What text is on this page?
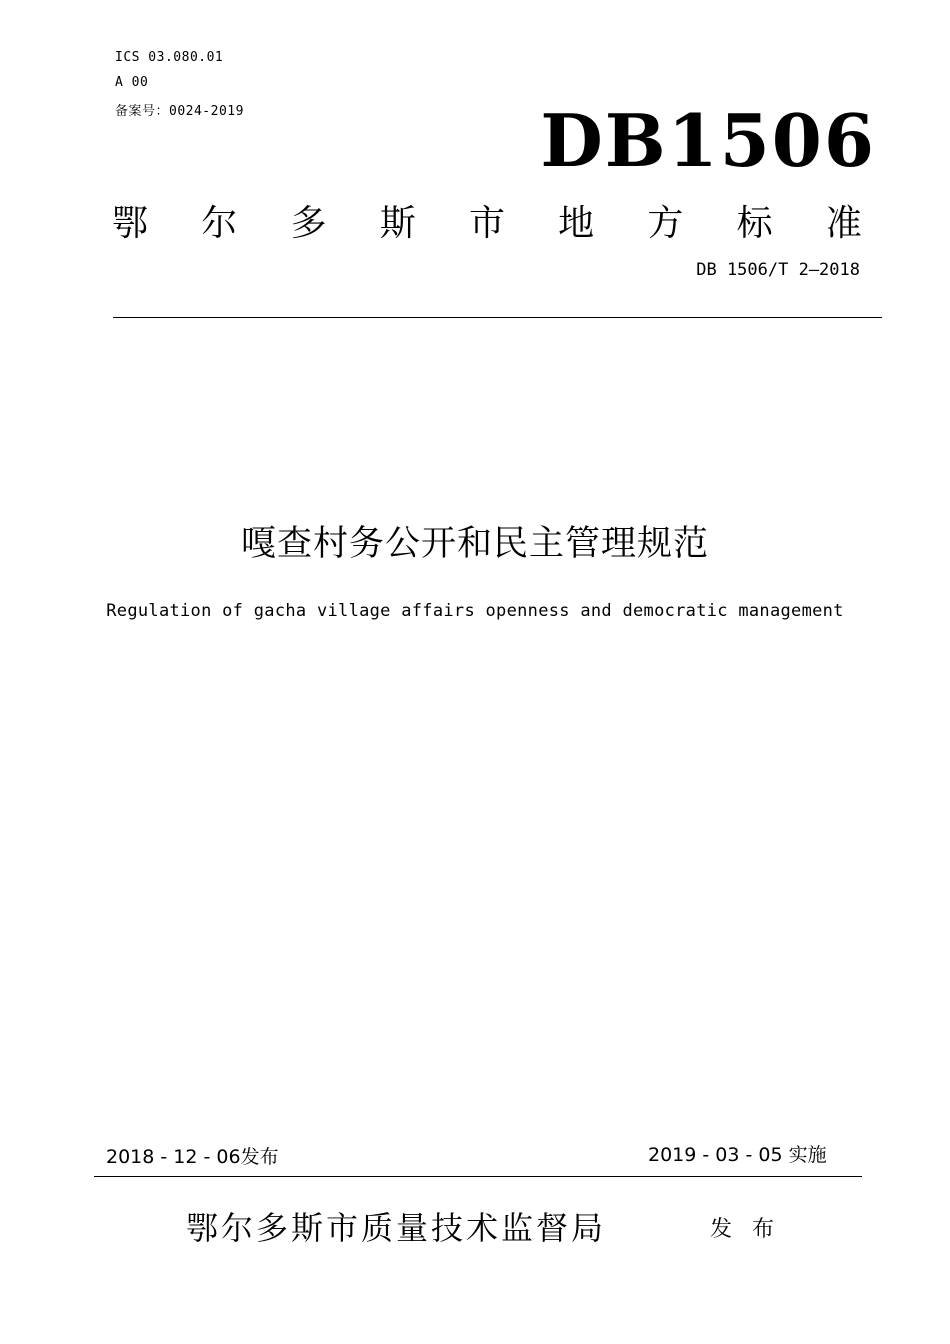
ICS 03.080.01
A 00
备案号：0024-2019	DB1506
鄂 尔 多 斯 市 地 方 标 准
DB 1506/T 2—2018
嘎查村务公开和民主管理规范
Regulation of gacha village affairs openness and democratic management
2018 - 12 - 06发布	2019 - 03 - 05 实施
鄂尔多斯市质量技术监督局	发布
